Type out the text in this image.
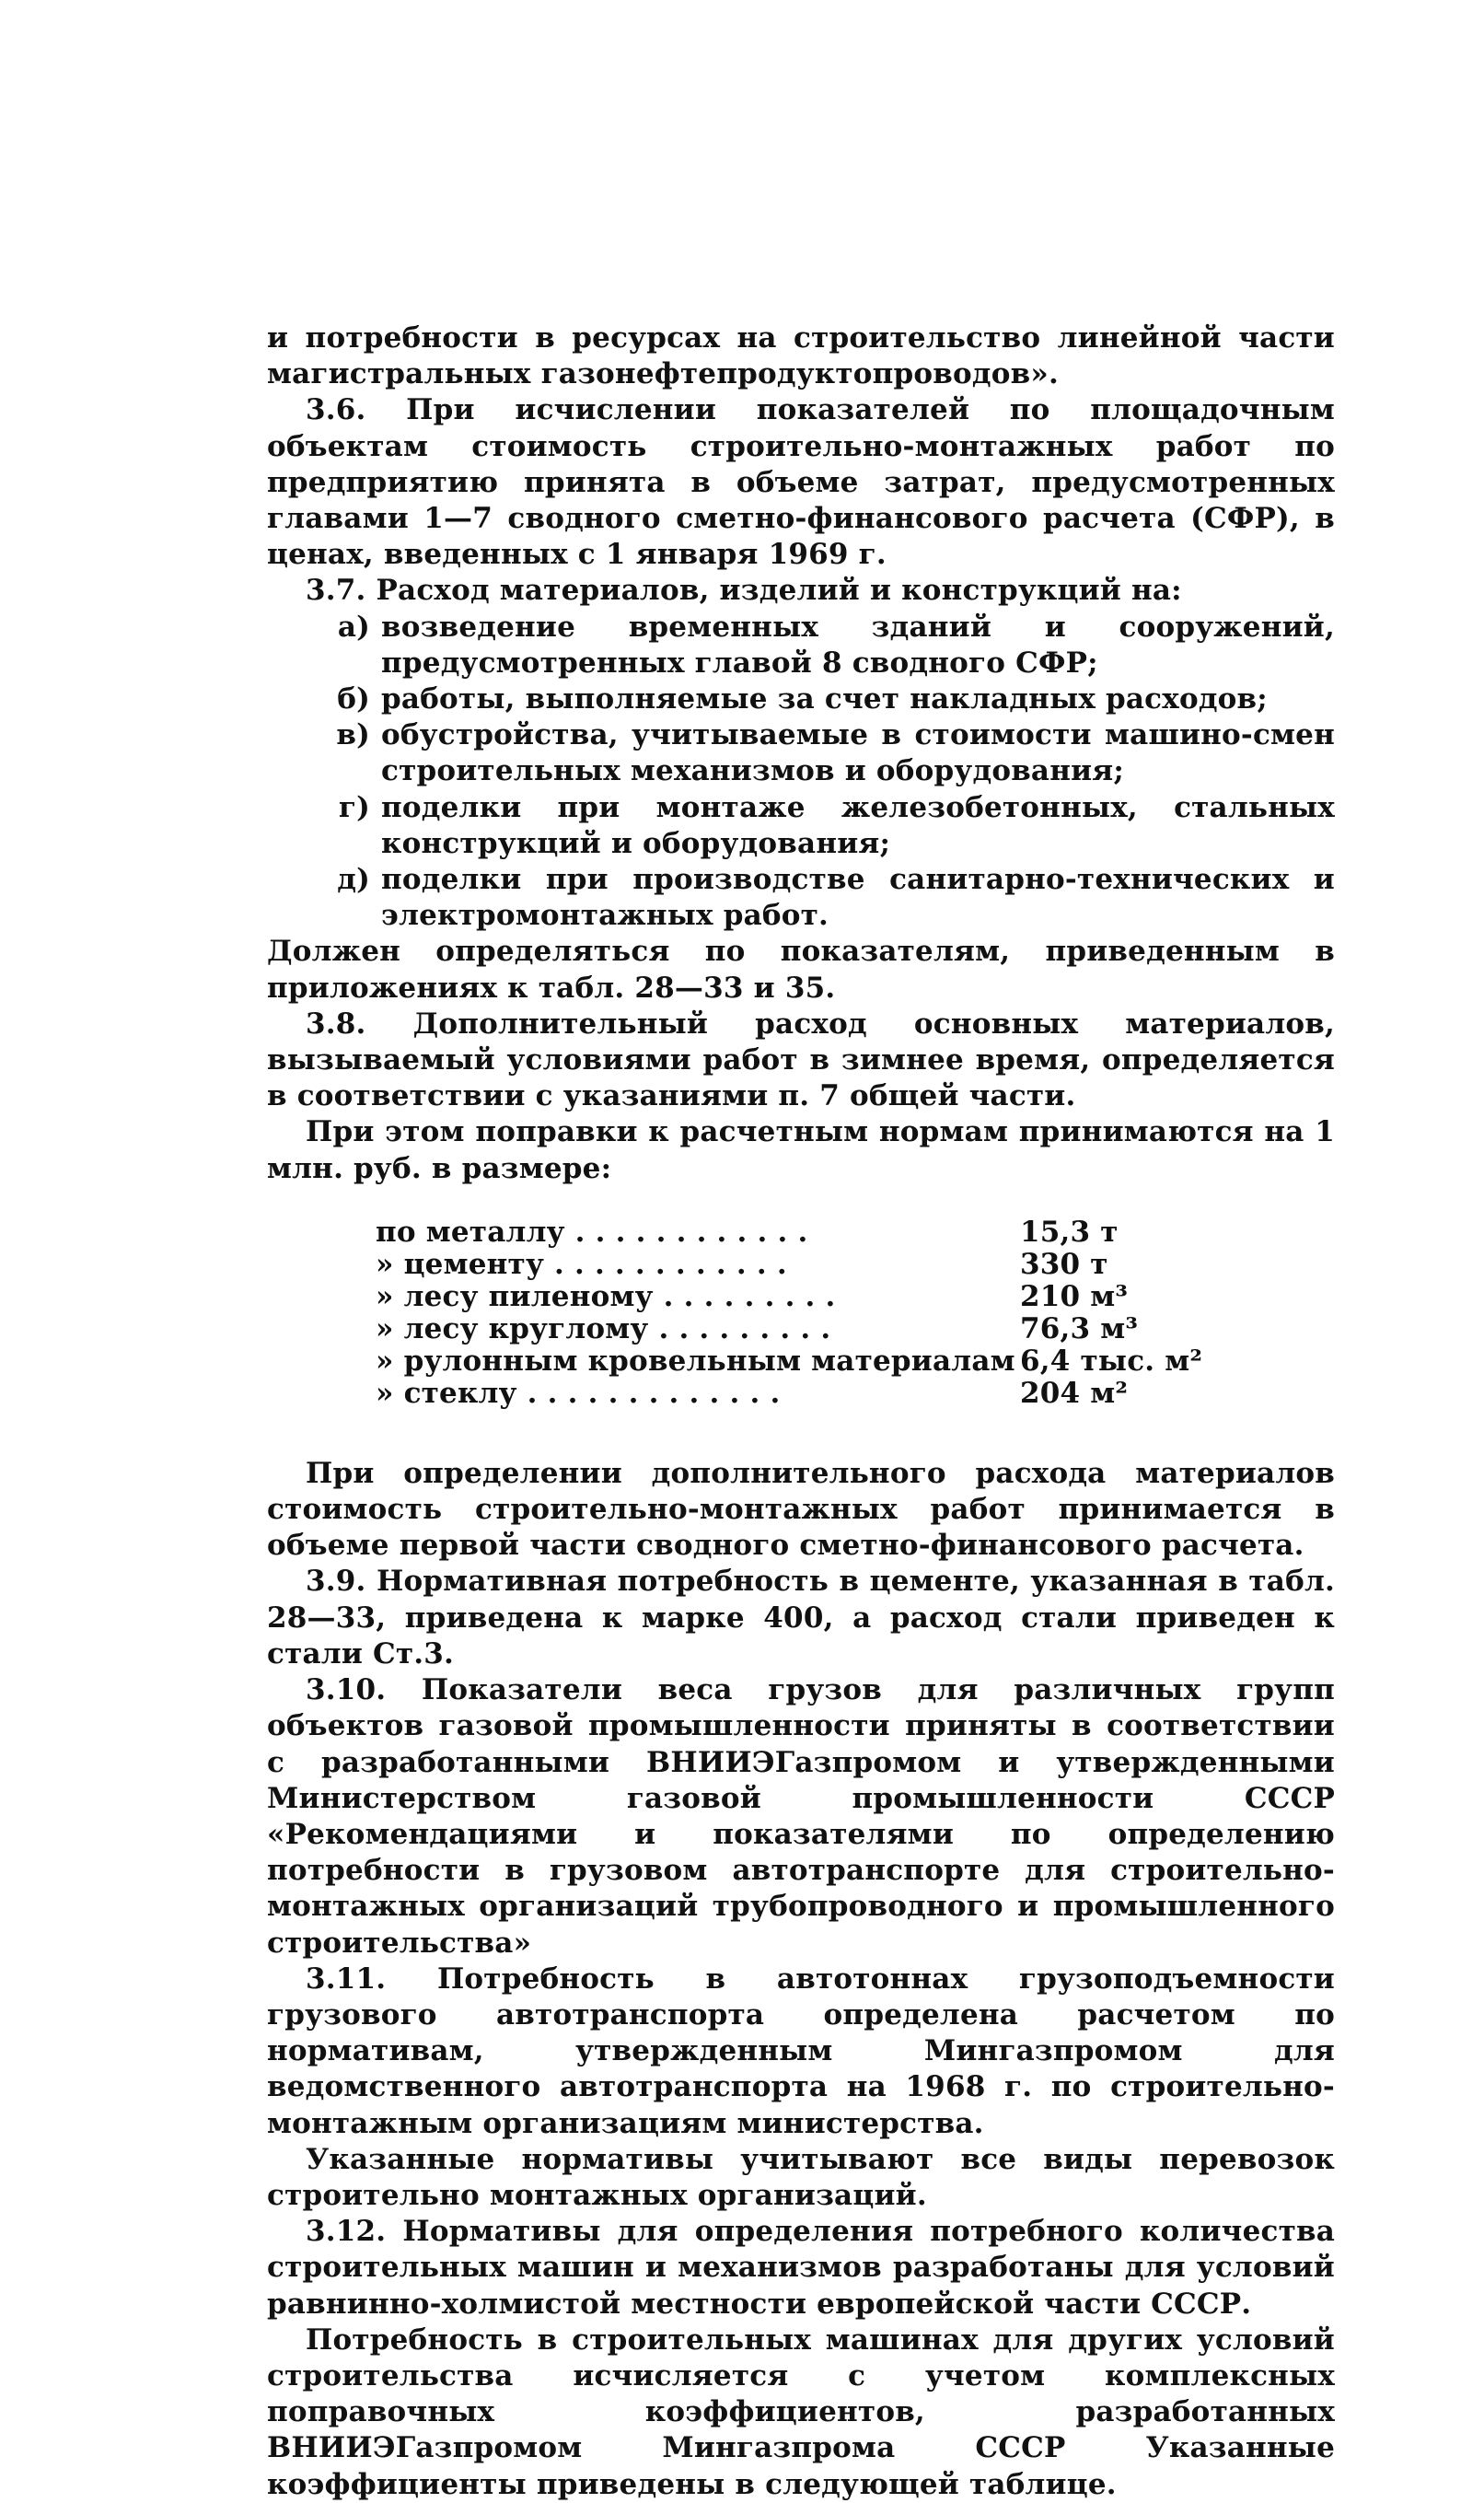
и потребности в ресурсах на строительство линейной части магистральных газонефтепродуктопроводов».

3.6. При исчислении показателей по площадочным объектам стоимость строительно-монтажных работ по предприятию принята в объеме затрат, предусмотренных главами 1—7 сводного сметно-финансового расчета (СФР), в ценах, введенных с 1 января 1969 г.

3.7. Расход материалов, изделий и конструкций на:

а) возведение временных зданий и сооружений, предусмотренных главой 8 сводного СФР;
б) работы, выполняемые за счет накладных расходов;
в) обустройства, учитываемые в стоимости машино-смен строительных механизмов и оборудования;
г) поделки при монтаже железобетонных, стальных конструкций и оборудования;
д) поделки при производстве санитарно-технических и электромонтажных работ.

Должен определяться по показателям, приведенным в приложениях к табл. 28—33 и 35.

3.8. Дополнительный расход основных материалов, вызываемый условиями работ в зимнее время, определяется в соответствии с указаниями п. 7 общей части.

При этом поправки к расчетным нормам принимаются на 1 млн. руб. в размере:

по металлу . . . . . . . . . . . .	15,3 т
» цементу . . . . . . . . . . . .	330 т
» лесу пиленому . . . . . . . . .	210 м³
» лесу круглому . . . . . . . . .	76,3 м³
» рулонным кровельным материалам 6,4 тыс. м²
» стеклу . . . . . . . . . . . . .	204 м²

При определении дополнительного расхода материалов стоимость строительно-монтажных работ принимается в объеме первой части сводного сметно-финансового расчета.

3.9. Нормативная потребность в цементе, указанная в табл. 28—33, приведена к марке 400, а расход стали приведен к стали Ст.3.

3.10. Показатели веса грузов для различных групп объектов газовой промышленности приняты в соответствии с разработанными ВНИИЭГазпромом и утвержденными Министерством газовой промышленности СССР «Рекомендациями и показателями по определению потребности в грузовом автотранспорте для строительно-монтажных организаций трубопроводного и промышленного строительства»

3.11. Потребность в автотоннах грузоподъемности грузового автотранспорта определена расчетом по нормативам, утвержденным Мингазпромом для ведомственного автотранспорта на 1968 г. по строительно-монтажным организациям министерства.

Указанные нормативы учитывают все виды перевозок строительно монтажных организаций.

3.12. Нормативы для определения потребного количества строительных машин и механизмов разработаны для условий равнинно-холмистой местности европейской части СССР.

Потребность в строительных машинах для других условий строительства исчисляется с учетом комплексных поправочных коэффициентов, разработанных ВНИИЭГазпромом Мингазпрома СССР Указанные коэффициенты приведены в следующей таблице.
